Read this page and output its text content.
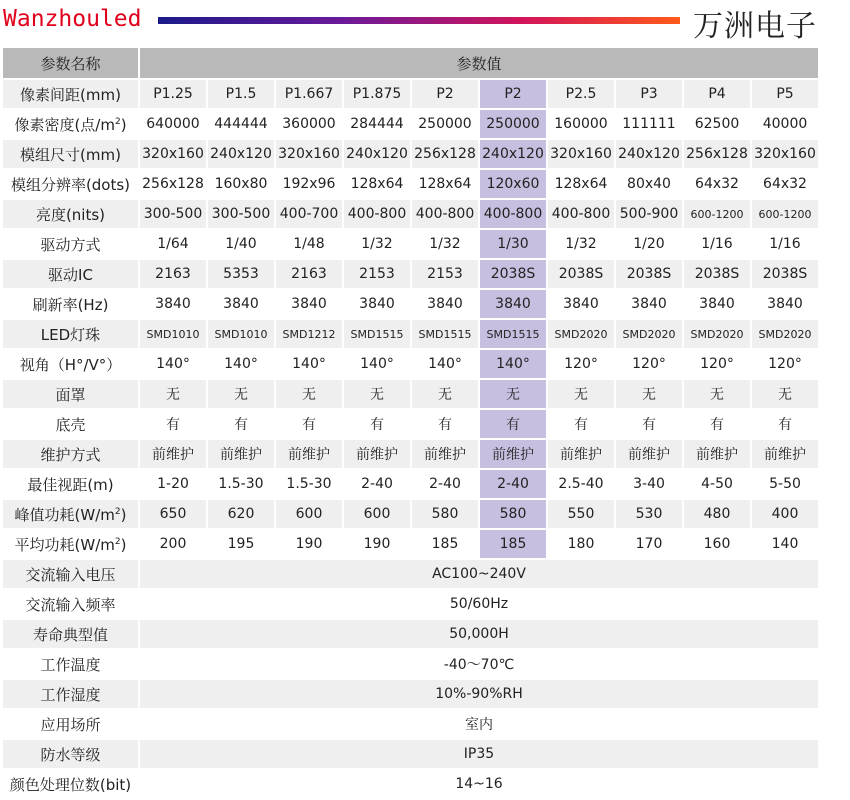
Wanzhouled	万洲电子
参数名称	参数值									
像素间距(mm)	P1.25	P1.5	P1.667	P1.875	P2	P2	P2.5	P3	P4	P5
像素密度(点$/m^2$)	640000	444444	360000	284444	250000	250000	160000	111111	62500	40000
模组尺寸(mm)	320x160	240x120	320x160	240x120	256x128	240x120	320x160	240x120	256x128	320x160
模组分辨率(dots)	256x128	160x80	192x96	128x64	128x64	120x60	128x64	80x40	64x32	64x32
亮度(nits)	300-500	300-500	400-700	400-800	400-800	400-800	400-800	500-900	600-1200	600-1200
驱动方式	1/64	1/40	1/48	1/32	1/32	1/30	1/32	1/20	1/16	1/16
驱动IC	2163	5353	2163	2153	2153	2038S	2038S	2038S	2038S	2038S
刷新率(Hz)	3840	3840	3840	3840	3840	3840	3840	3840	3840	3840
LED灯珠	SMD1010	SMD1010	SMD1212	SMD1515	SMD1515	SMD1515	SMD2020	SMD2020	SMD2020	SMD2020
视角（H°/V°）	140°	140°	140°	140°	140°	140°	120°	120°	120°	120°
面罩	无	无	无	无	无	无	无	无	无	无
底壳	有	有	有	有	有	有	有	有	有	有
维护方式	前维护	前维护	前维护	前维护	前维护	前维护	前维护	前维护	前维护	前维护
最佳视距(m)	1-20	1.5-30	1.5-30	2-40	2-40	2-40	2.5-40	3-40	4-50	5-50
峰值功耗$(W/m^2)$	650	620	600	600	580	580	550	530	480	400
平均功耗$(W/m^2)$	200	195	190	190	185	185	180	170	160	140
交流输入电压	AC100~240V									
交流输入频率	50/60Hz									
寿命典型值	50,000H									
工作温度	-40～70℃									
工作湿度	10%-90%RH									
应用场所	室内									
防水等级	IP35									
颜色处理位数(bit)	14~16									
